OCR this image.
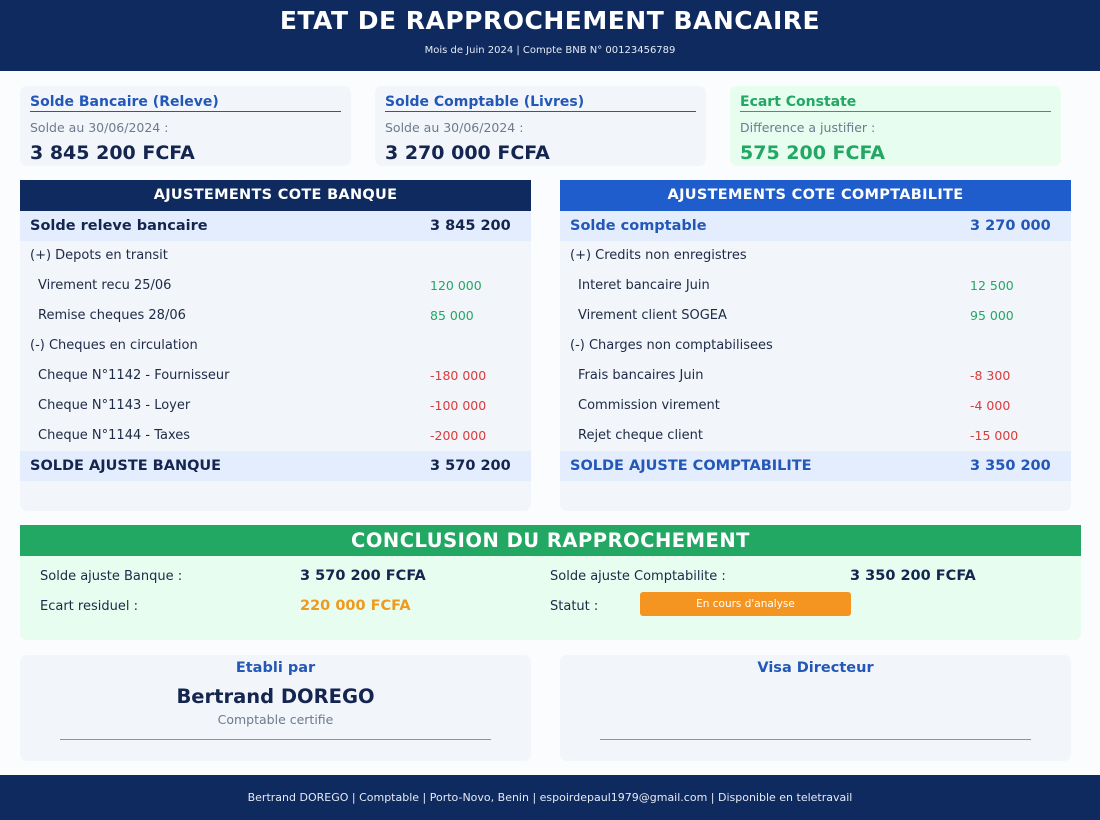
ETAT DE RAPPROCHEMENT BANCAIRE
Mois de Juin 2024 | Compte BNB N° 00123456789
Solde Bancaire (Releve)
Solde au 30/06/2024 :
3 845 200 FCFA
Solde Comptable (Livres)
Solde au 30/06/2024 :
3 270 000 FCFA
Ecart Constate
Difference a justifier :
575 200 FCFA
AJUSTEMENTS COTE BANQUE
Solde releve bancaire	3 845 200
(+) Depots en transit
Virement recu 25/06	120 000
Remise cheques 28/06	85 000
(-) Cheques en circulation
Cheque N°1142 - Fournisseur	-180 000
Cheque N°1143 - Loyer	-100 000
Cheque N°1144 - Taxes	-200 000
SOLDE AJUSTE BANQUE	3 570 200
AJUSTEMENTS COTE COMPTABILITE
Solde comptable	3 270 000
(+) Credits non enregistres
Interet bancaire Juin	12 500
Virement client SOGEA	95 000
(-) Charges non comptabilisees
Frais bancaires Juin	-8 300
Commission virement	-4 000
Rejet cheque client	-15 000
SOLDE AJUSTE COMPTABILITE	3 350 200
CONCLUSION DU RAPPROCHEMENT
Solde ajuste Banque :	3 570 200 FCFA	Solde ajuste Comptabilite :	3 350 200 FCFA
Ecart residuel :	220 000 FCFA	Statut :	En cours d'analyse
Etabli par
Bertrand DOREGO
Comptable certifie
Visa Directeur
Bertrand DOREGO | Comptable | Porto-Novo, Benin | espoirdepaul1979@gmail.com | Disponible en teletravail
